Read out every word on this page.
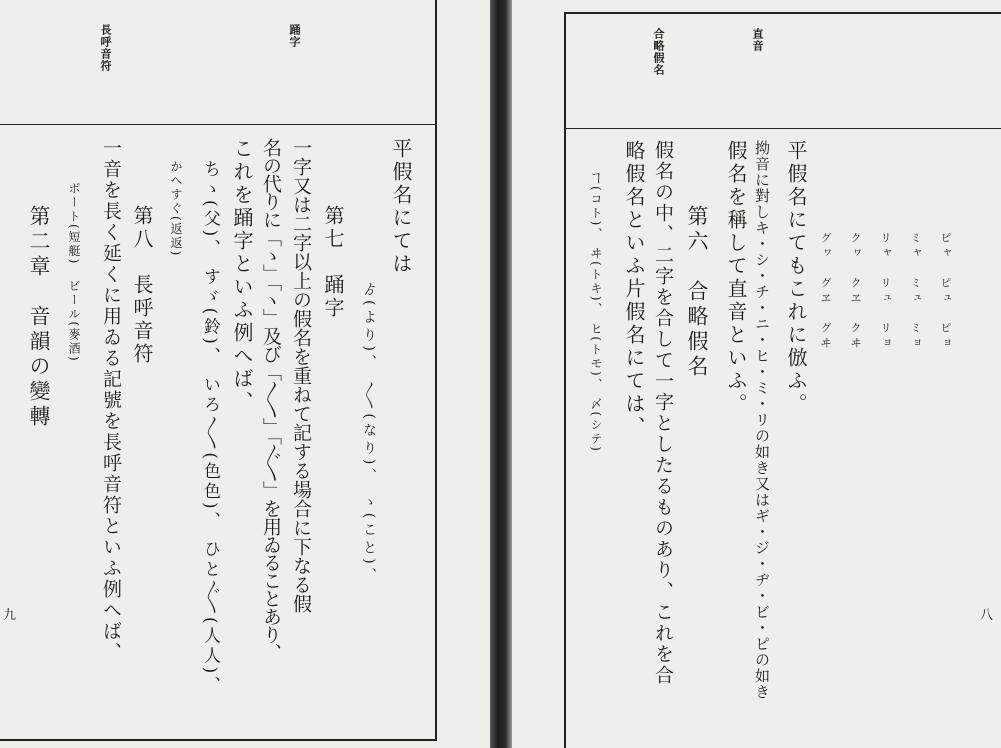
踊字

長呼音符

平假名にては

ゟ(より)、 〱(なり)、 ゝ(こと)、

第七　踊字

一字又は二字以上の假名を重ねて記する場合に下なる假

名の代りに「ゝ」「ヽ」及び「〱」「〲」を用ゐることあり、

これを踊字といふ例へば、

ちゝ(父)、 すゞ(鈴)、 いろ〱(色色)、 ひと〲(人人)、

かへすぐ(返返)

第八　長呼音符

一音を長く延くに用ゐる記號を長呼音符といふ例へば、

ボート(短艇)　ビール(麥酒)

第二章　音韻の變轉

九

直音

合略假名

ピャ　ピュ　ピョ

ミャ　ミュ　ミョ

リャ　リュ　リョ

クヮ　クヱ　クヰ

グヮ　グヱ　グヰ

平假名にてもこれに倣ふ。

拗音に對しキ・シ・チ・ニ・ヒ・ミ・リの如き又はギ・ジ・ヂ・ビ・ピの如き

假名を稱して直音といふ。

第六　合略假名

假名の中、二字を合して一字としたるものあり、これを合

略假名といふ片假名にては、

ヿ(コト)、 ヰ(トキ)、 ヒ(トモ)、 〆(シテ)

八
